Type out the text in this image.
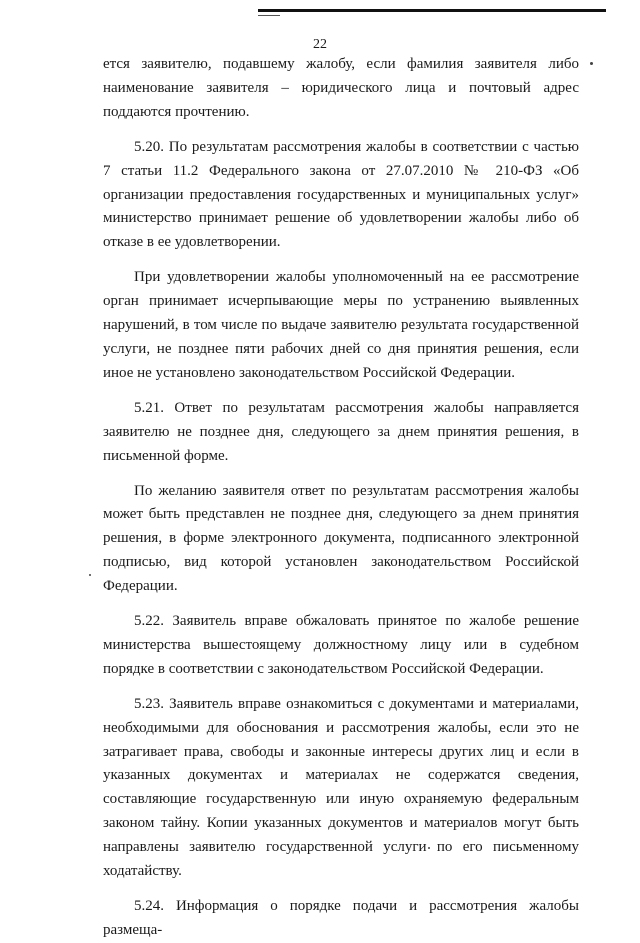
22

ется заявителю, подавшему жалобу, если фамилия заявителя либо наименование заявителя – юридического лица и почтовый адрес поддаются прочтению.

5.20. По результатам рассмотрения жалобы в соответствии с частью 7 статьи 11.2 Федерального закона от 27.07.2010 № 210-ФЗ «Об организации предоставления государственных и муниципальных услуг» министерство принимает решение об удовлетворении жалобы либо об отказе в ее удовлетворении.

При удовлетворении жалобы уполномоченный на ее рассмотрение орган принимает исчерпывающие меры по устранению выявленных нарушений, в том числе по выдаче заявителю результата государственной услуги, не позднее пяти рабочих дней со дня принятия решения, если иное не установлено законодательством Российской Федерации.

5.21. Ответ по результатам рассмотрения жалобы направляется заявителю не позднее дня, следующего за днем принятия решения, в письменной форме.

По желанию заявителя ответ по результатам рассмотрения жалобы может быть представлен не позднее дня, следующего за днем принятия решения, в форме электронного документа, подписанного электронной подписью, вид которой установлен законодательством Российской Федерации.

5.22. Заявитель вправе обжаловать принятое по жалобе решение министерства вышестоящему должностному лицу или в судебном порядке в соответствии с законодательством Российской Федерации.

5.23. Заявитель вправе ознакомиться с документами и материалами, необходимыми для обоснования и рассмотрения жалобы, если это не затрагивает права, свободы и законные интересы других лиц и если в указанных документах и материалах не содержатся сведения, составляющие государственную или иную охраняемую федеральным законом тайну. Копии указанных документов и материалов могут быть направлены заявителю государственной услуги по его письменному ходатайству.

5.24. Информация о порядке подачи и рассмотрения жалобы размеща-
